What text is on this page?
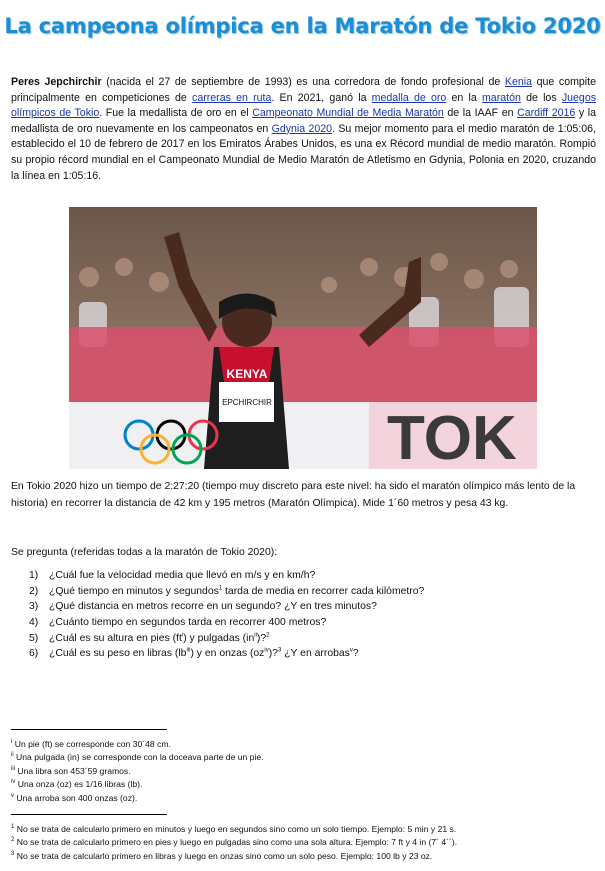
La campeona olímpica en la Maratón de Tokio 2020
Peres Jepchirchir (nacida el 27 de septiembre de 1993) es una corredora de fondo profesional de Kenia que compite principalmente en competiciones de carreras en ruta. En 2021, ganó la medalla de oro en la maratón de los Juegos olímpicos de Tokio. Fue la medallista de oro en el Campeonato Mundial de Media Maratón de la IAAF en Cardiff 2016 y la medallista de oro nuevamente en los campeonatos en Gdynia 2020. Su mejor momento para el medio maratón de 1:05:06, establecido el 10 de febrero de 2017 en los Emiratos Árabes Unidos, es una ex Récord mundial de medio maratón. Rompió su propio récord mundial en el Campeonato Mundial de Medio Maratón de Atletismo en Gdynia, Polonia en 2020, cruzando la línea en 1:05:16.
KENYA
EPCHIRCHIR
TOK
En Tokio 2020 hizo un tiempo de 2:27:20 (tiempo muy discreto para este nivel: ha sido el maratón olímpico más lento de la historia) en recorrer la distancia de 42 km y 195 metros (Maratón Olímpica). Mide 1´60 metros y pesa 43 kg.
Se pregunta (referidas todas a la maratón de Tokio 2020):
1)	¿Cuál fue la velocidad media que llevó en m/s y en km/h?
2)	¿Qué tiempo en minutos y segundos$^1$ tarda de media en recorrer cada kilómetro?
3)	¿Qué distancia en metros recorre en un segundo? ¿Y en tres minutos?
4)	¿Cuánto tiempo en segundos tarda en recorrer 400 metros?
5)	¿Cuál es su altura en pies $(ft^i)$ y pulgadas $(in^{ii})?^2$
6)	¿Cuál es su peso en libras $(lb^{iii})$ y en onzas $(oz^{iv})?^3$ ¿Y en arrobas$^v$?
$^i$ Un pie (ft) se corresponde con 30´48 cm.
$^{ii}$ Una pulgada (in) se corresponde con la doceava parte de un pie.
$^{iii}$ Una libra son 453´59 gramos.
$^{iv}$ Una onza (oz) es 1/16 libras (lb).
$^v$ Una arroba son 400 onzas (oz).
$^1$ No se trata de calcularlo primero en minutos y luego en segundos sino como un solo tiempo. Ejemplo: 5 min y 21 s.
$^2$ No se trata de calcularlo primero en pies y luego en pulgadas sino como una sola altura. Ejemplo: 7 ft y 4 in (7´ 4´´).
$^3$ No se trata de calcularlo primero en libras y luego en onzas sino como un solo peso. Ejemplo: 100 lb y 23 oz.
